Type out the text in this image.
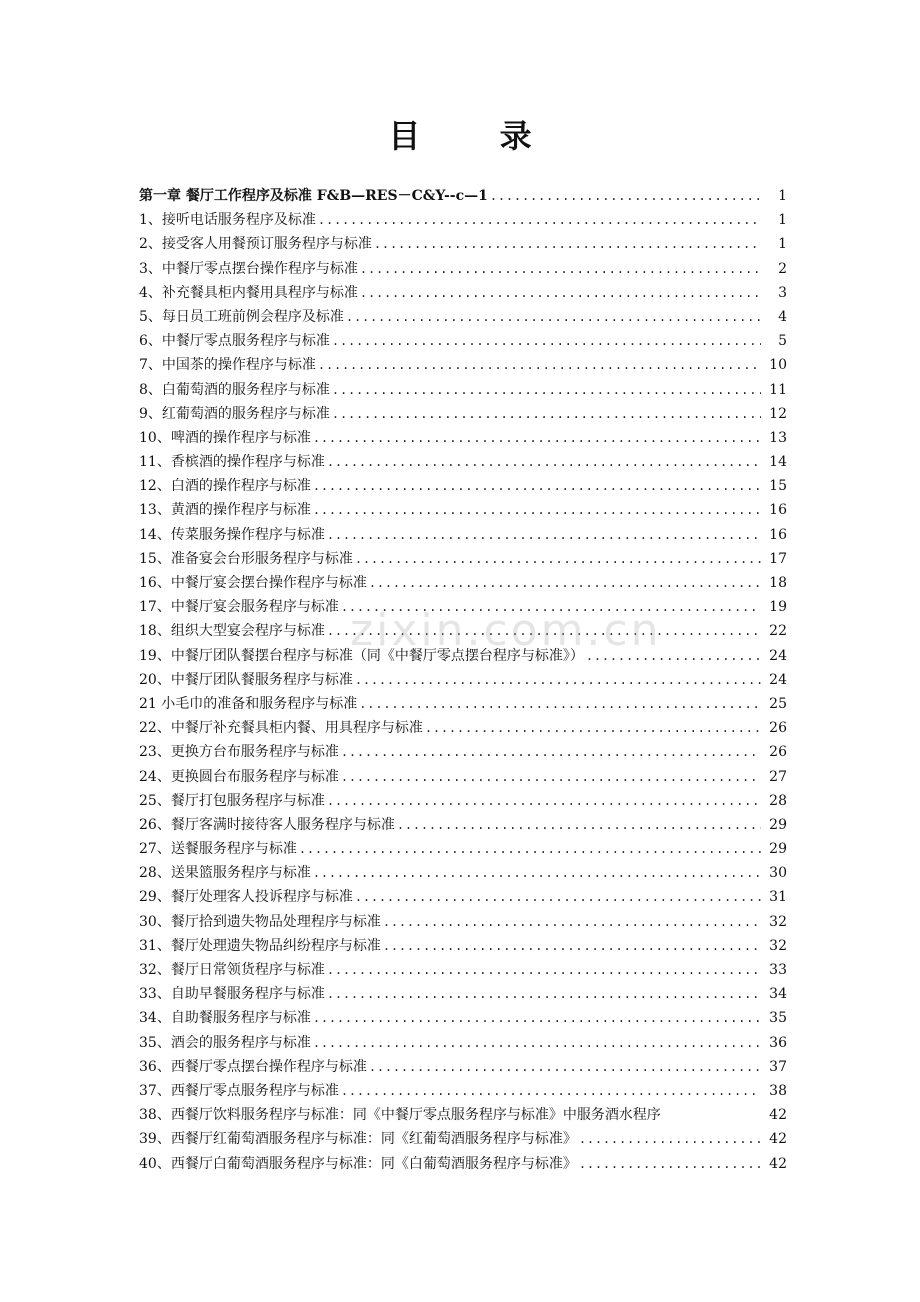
目 录
第一章 餐厅工作程序及标准 F&B—RES－C&Y--c—1 .....	1
1、接听电话服务程序及标准 .....	1
2、接受客人用餐预订服务程序与标准 .....	1
3、中餐厅零点摆台操作程序与标准 .....	2
4、补充餐具柜内餐用具程序与标准 .....	3
5、每日员工班前例会程序及标准 .....	4
6、中餐厅零点服务程序与标准 .....	5
7、中国茶的操作程序与标准 .....	10
8、白葡萄酒的服务程序与标准 .....	11
9、红葡萄酒的服务程序与标准 .....	12
10、啤酒的操作程序与标准 .....	13
11、香槟酒的操作程序与标准 .....	14
12、白酒的操作程序与标准 .....	15
13、黄酒的操作程序与标准 .....	16
14、传菜服务操作程序与标准 .....	16
15、准备宴会台形服务程序与标准 .....	17
16、中餐厅宴会摆台操作程序与标准 .....	18
17、中餐厅宴会服务程序与标准 .....	19
18、组织大型宴会程序与标准 .....	22
19、中餐厅团队餐摆台程序与标准（同《中餐厅零点摆台程序与标准》） .....	24
20、中餐厅团队餐服务程序与标准 .....	24
21 小毛巾的准备和服务程序与标准 .....	25
22、中餐厅补充餐具柜内餐、用具程序与标准 .....	26
23、更换方台布服务程序与标准 .....	26
24、更换圆台布服务程序与标准 .....	27
25、餐厅打包服务程序与标准 .....	28
26、餐厅客满时接待客人服务程序与标准 .....	29
27、送餐服务程序与标准 .....	29
28、送果篮服务程序与标准 .....	30
29、餐厅处理客人投诉程序与标准 .....	31
30、餐厅拾到遗失物品处理程序与标准 .....	32
31、餐厅处理遗失物品纠纷程序与标准 .....	32
32、餐厅日常领货程序与标准 .....	33
33、自助早餐服务程序与标准 .....	34
34、自助餐服务程序与标准 .....	35
35、酒会的服务程序与标准 .....	36
36、西餐厅零点摆台操作程序与标准 .....	37
37、西餐厅零点服务程序与标准 .....	38
38、西餐厅饮料服务程序与标准：同《中餐厅零点服务程序与标准》中服务酒水程序	42
39、西餐厅红葡萄酒服务程序与标准：同《红葡萄酒服务程序与标准》 .....	42
40、西餐厅白葡萄酒服务程序与标准：同《白葡萄酒服务程序与标准》 .....	42
zixin.com.cn
